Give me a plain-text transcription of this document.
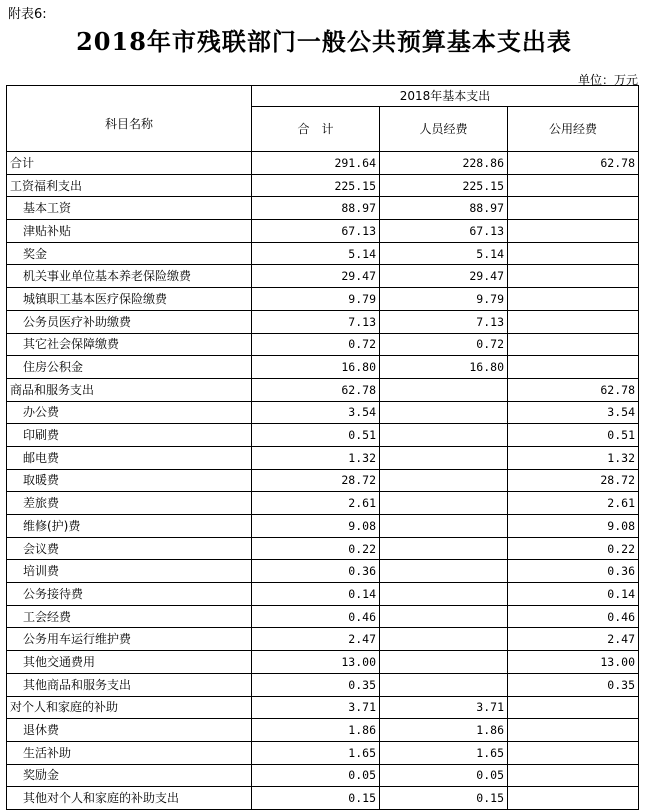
附表6:
2018年市残联部门一般公共预算基本支出表
单位：万元
科目名称	2018年基本支出		
	合　计	人员经费	公用经费
合计	291.64	228.86	62.78
工资福利支出	225.15	225.15	
基本工资	88.97	88.97	
津贴补贴	67.13	67.13	
奖金	5.14	5.14	
机关事业单位基本养老保险缴费	29.47	29.47	
城镇职工基本医疗保险缴费	9.79	9.79	
公务员医疗补助缴费	7.13	7.13	
其它社会保障缴费	0.72	0.72	
住房公积金	16.80	16.80	
商品和服务支出	62.78		62.78
办公费	3.54		3.54
印刷费	0.51		0.51
邮电费	1.32		1.32
取暖费	28.72		28.72
差旅费	2.61		2.61
维修(护)费	9.08		9.08
会议费	0.22		0.22
培训费	0.36		0.36
公务接待费	0.14		0.14
工会经费	0.46		0.46
公务用车运行维护费	2.47		2.47
其他交通费用	13.00		13.00
其他商品和服务支出	0.35		0.35
对个人和家庭的补助	3.71	3.71	
退休费	1.86	1.86	
生活补助	1.65	1.65	
奖励金	0.05	0.05	
其他对个人和家庭的补助支出	0.15	0.15	
